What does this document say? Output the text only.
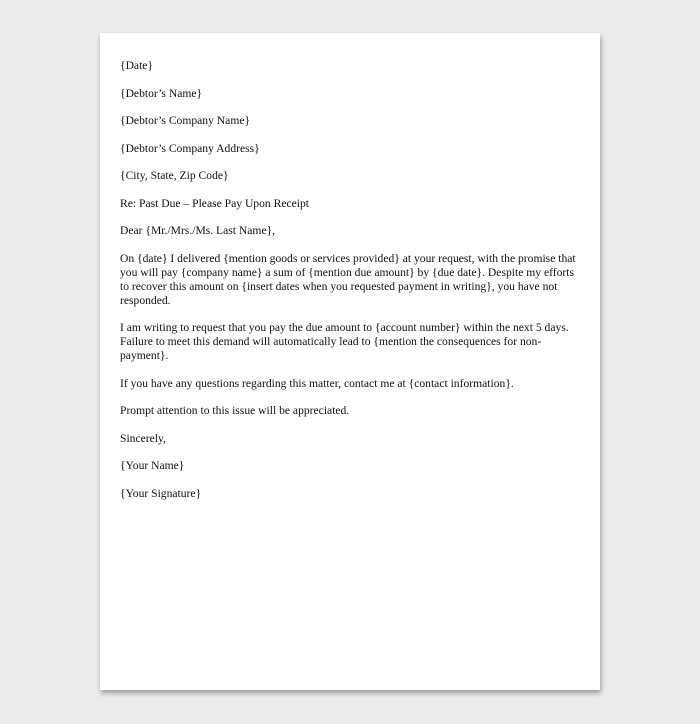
{Date}

{Debtor’s Name}

{Debtor’s Company Name}

{Debtor’s Company Address}

{City, State, Zip Code}

Re: Past Due – Please Pay Upon Receipt

Dear {Mr./Mrs./Ms. Last Name},

On {date} I delivered {mention goods or services provided} at your request, with the promise that you will pay {company name} a sum of {mention due amount} by {due date}. Despite my efforts to recover this amount on {insert dates when you requested payment in writing}, you have not responded.

I am writing to request that you pay the due amount to {account number} within the next 5 days. Failure to meet this demand will automatically lead to {mention the consequences for non-payment}.

If you have any questions regarding this matter, contact me at {contact information}.

Prompt attention to this issue will be appreciated.

Sincerely,

{Your Name}

{Your Signature}
